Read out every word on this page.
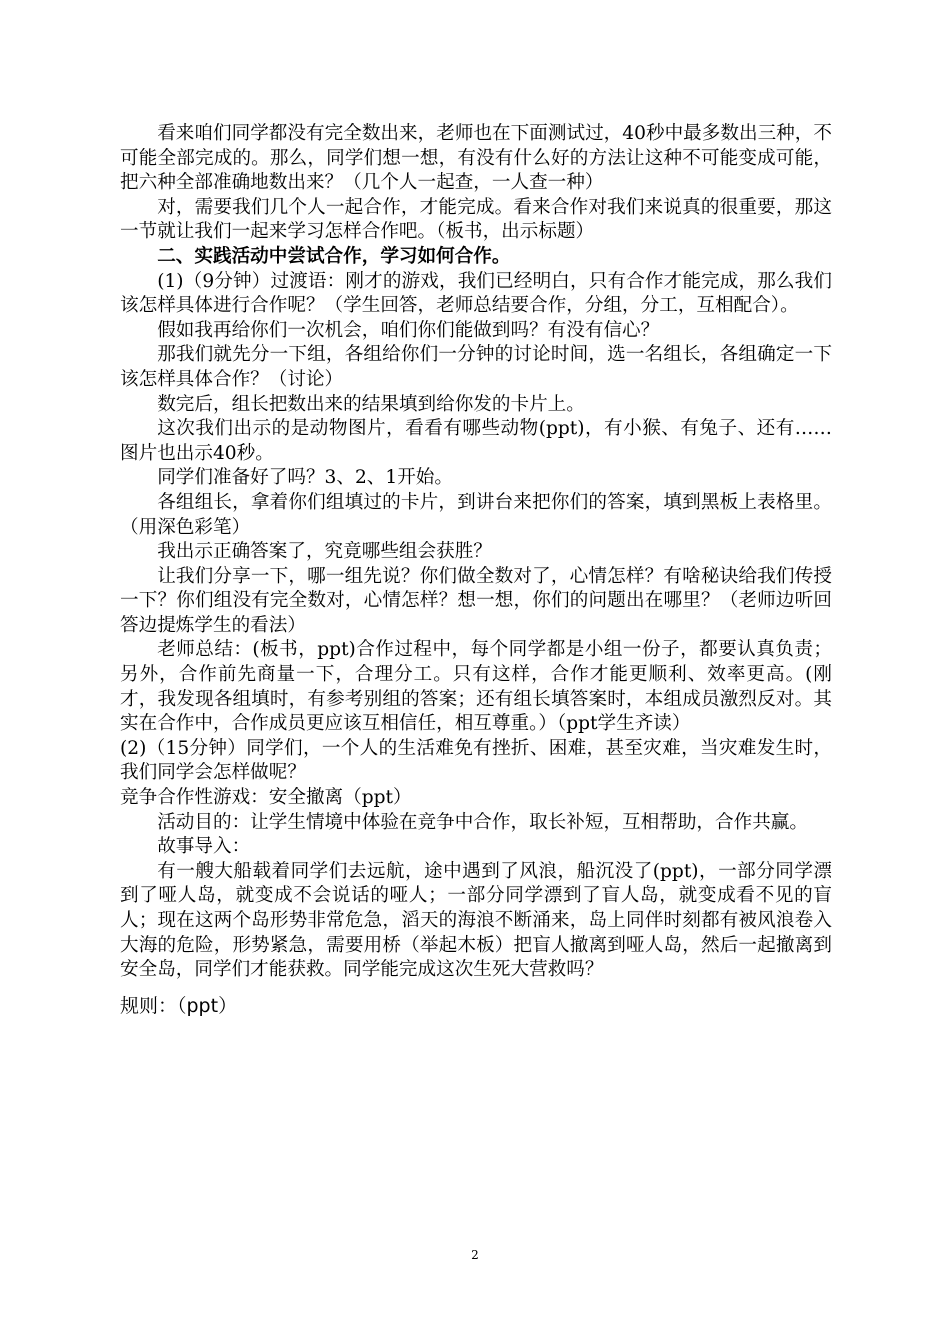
看来咱们同学都没有完全数出来，老师也在下面测试过，40秒中最多数出三种，不可能全部完成的。那么，同学们想一想，有没有什么好的方法让这种不可能变成可能，把六种全部准确地数出来？（几个人一起查，一人查一种）

对，需要我们几个人一起合作，才能完成。看来合作对我们来说真的很重要，那这一节就让我们一起来学习怎样合作吧。（板书，出示标题）

二、实践活动中尝试合作，学习如何合作。

(1)（9分钟）过渡语：刚才的游戏，我们已经明白，只有合作才能完成，那么我们该怎样具体进行合作呢？（学生回答，老师总结要合作，分组，分工，互相配合）。

假如我再给你们一次机会，咱们你们能做到吗？有没有信心？

那我们就先分一下组，各组给你们一分钟的讨论时间，选一名组长，各组确定一下该怎样具体合作？（讨论）

数完后，组长把数出来的结果填到给你发的卡片上。

这次我们出示的是动物图片，看看有哪些动物(ppt)，有小猴、有兔子、还有……图片也出示40秒。

同学们准备好了吗？3、2、1开始。

各组组长，拿着你们组填过的卡片，到讲台来把你们的答案，填到黑板上表格里。（用深色彩笔）

我出示正确答案了，究竟哪些组会获胜？

让我们分享一下，哪一组先说？你们做全数对了，心情怎样？有啥秘诀给我们传授一下？你们组没有完全数对，心情怎样？想一想，你们的问题出在哪里？（老师边听回答边提炼学生的看法）

老师总结：(板书，ppt)合作过程中，每个同学都是小组一份子，都要认真负责；另外，合作前先商量一下，合理分工。只有这样，合作才能更顺利、效率更高。(刚才，我发现各组填时，有参考别组的答案；还有组长填答案时，本组成员激烈反对。其实在合作中，合作成员更应该互相信任，相互尊重。）（ppt学生齐读）

(2)（15分钟）同学们，一个人的生活难免有挫折、困难，甚至灾难，当灾难发生时，我们同学会怎样做呢？

竞争合作性游戏：安全撤离（ppt）

活动目的：让学生情境中体验在竞争中合作，取长补短，互相帮助，合作共赢。

故事导入：

有一艘大船载着同学们去远航，途中遇到了风浪，船沉没了(ppt)，一部分同学漂到了哑人岛，就变成不会说话的哑人；一部分同学漂到了盲人岛，就变成看不见的盲人；现在这两个岛形势非常危急，滔天的海浪不断涌来，岛上同伴时刻都有被风浪卷入大海的危险，形势紧急，需要用桥（举起木板）把盲人撤离到哑人岛，然后一起撤离到安全岛，同学们才能获救。同学能完成这次生死大营救吗？

规则：（ppt）

2
